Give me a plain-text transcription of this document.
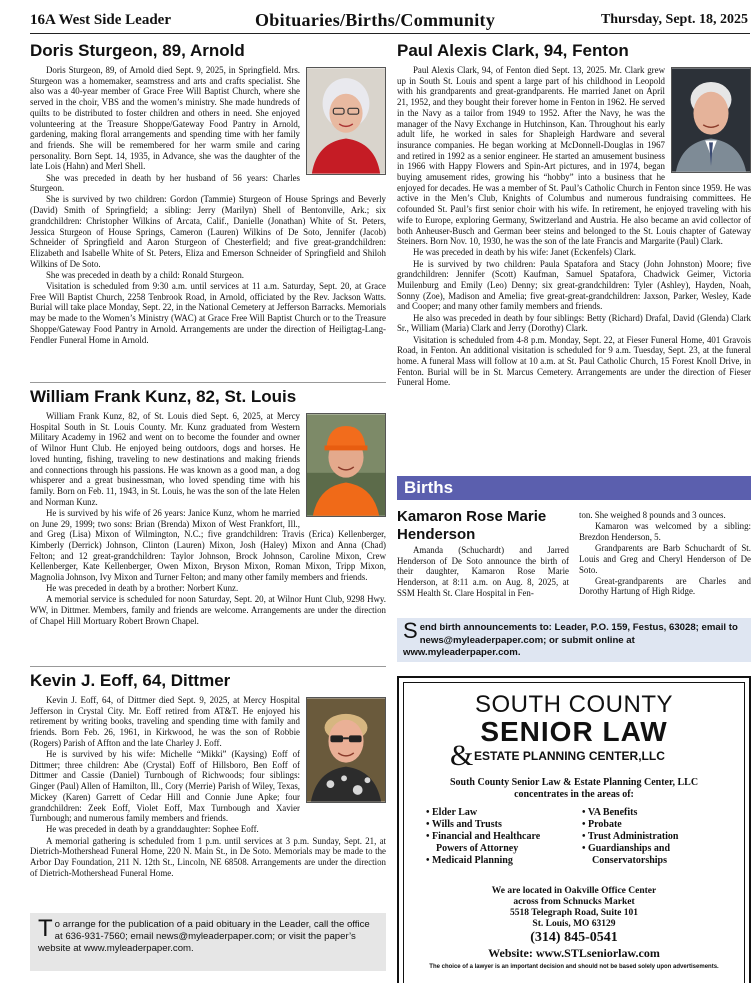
16A West Side Leader	Obituaries/Births/Community	Thursday, Sept. 18, 2025
Doris Sturgeon, 89, Arnold

Doris Sturgeon, 89, of Arnold died Sept. 9, 2025, in Springfield. Mrs. Sturgeon was a homemaker, seamstress and arts and crafts specialist. She also was a 40-year member of Grace Free Will Baptist Church, where she served in the choir, VBS and the women’s ministry. She made hundreds of quilts to be distributed to foster children and others in need. She enjoyed volunteering at the Treasure Shoppe/Gateway Food Pantry in Arnold, gardening, making floral arrangements and spending time with her family and friends. She will be remembered for her warm smile and caring personality. Born Sept. 14, 1935, in Advance, she was the daughter of the late Lois (Hahn) and Merl Shell.

She was preceded in death by her husband of 56 years: Charles Sturgeon.

She is survived by two children: Gordon (Tammie) Sturgeon of House Springs and Beverly (David) Smith of Springfield; a sibling: Jerry (Marilyn) Shell of Bentonville, Ark.; six grandchildren: Christopher Wilkins of Arcata, Calif., Danielle (Jonathan) White of St. Peters, Jessica Sturgeon of House Springs, Cameron (Lauren) Wilkins of De Soto, Jennifer (Jacob) Schneider of Springfield and Aaron Sturgeon of Chesterfield; and five great-grandchildren: Elizabeth and Isabelle White of St. Peters, Eliza and Emerson Schneider of Springfield and Shiloh Wilkins of De Soto.

She was preceded in death by a child: Ronald Sturgeon.

Visitation is scheduled from 9:30 a.m. until services at 11 a.m. Saturday, Sept. 20, at Grace Free Will Baptist Church, 2258 Tenbrook Road, in Arnold, officiated by the Rev. Jackson Watts. Burial will take place Monday, Sept. 22, in the National Cemetery at Jefferson Barracks. Memorials may be made to the Women’s Ministry (WAC) at Grace Free Will Baptist Church or to the Treasure Shoppe/Gateway Food Pantry in Arnold. Arrangements are under the direction of Heiligtag-Lang-Fendler Funeral Home in Arnold.

William Frank Kunz, 82, St. Louis

William Frank Kunz, 82, of St. Louis died Sept. 6, 2025, at Mercy Hospital South in St. Louis County. Mr. Kunz graduated from Western Military Academy in 1962 and went on to become the founder and owner of Wilnor Hunt Club. He enjoyed being outdoors, dogs and horses. He loved hunting, fishing, traveling to new destinations and making friends and connections through his passions. He was known as a good man, a dog whisperer and a great businessman, who loved spending time with his family. Born on Feb. 11, 1943, in St. Louis, he was the son of the late Helen and Norman Kunz.

He is survived by his wife of 26 years: Janice Kunz, whom he married on June 29, 1999; two sons: Brian (Brenda) Mixon of West Frankfort, Ill., and Greg (Lisa) Mixon of Wilmington, N.C.; five grandchildren: Travis (Erica) Kellenberger, Kimberly (Derrick) Johnson, Clinton (Lauren) Mixon, Josh (Haley) Mixon and Anna (Chad) Felton; and 12 great-grandchildren: Taylor Johnson, Brock Johnson, Caroline Mixon, Crew Kellenberger, Kate Kellenberger, Owen Mixon, Bryson Mixon, Roman Mixon, Tripp Mixon, Magnolia Johnson, Ivy Mixon and Turner Felton; and many other family members and friends.

He was preceded in death by a brother: Norbert Kunz.

A memorial service is scheduled for noon Saturday, Sept. 20, at Wilnor Hunt Club, 9298 Hwy. WW, in Dittmer. Members, family and friends are welcome. Arrangements are under the direction of Chapel Hill Mortuary Robert Brown Chapel.

Kevin J. Eoff, 64, Dittmer

Kevin J. Eoff, 64, of Dittmer died Sept. 9, 2025, at Mercy Hospital Jefferson in Crystal City. Mr. Eoff retired from AT&T. He enjoyed his retirement by writing books, traveling and spending time with family and friends. Born Feb. 26, 1961, in Kirkwood, he was the son of Robbie (Rogers) Parish of Affton and the late Charley J. Eoff.

He is survived by his wife: Michelle “Mikki” (Kaysing) Eoff of Dittmer; three children: Abe (Crystal) Eoff of Hillsboro, Ben Eoff of Dittmer and Cassie (Daniel) Turnbough of Richwoods; four siblings: Ginger (Paul) Allen of Hamilton, Ill., Cory (Merrie) Parish of Wiley, Texas, Mickey (Karen) Garrett of Cedar Hill and Connie June Apke; four grandchildren: Zeek Eoff, Violet Eoff, Max Turnbough and Xavier Turnbough; and numerous family members and friends.

He was preceded in death by a granddaughter: Sophee Eoff.

A memorial gathering is scheduled from 1 p.m. until services at 3 p.m. Sunday, Sept. 21, at Dietrich-Mothershead Funeral Home, 220 N. Main St., in De Soto. Memorials may be made to the Arbor Day Foundation, 211 N. 12th St., Lincoln, NE 68508. Arrangements are under the direction of Dietrich-Mothershead Funeral Home.

T o arrange for the publication of a paid obituary in the Leader, call the office at 636-931-7560; email news@myleaderpaper.com; or visit the paper’s website at www.myleaderpaper.com.
Paul Alexis Clark, 94, Fenton

Paul Alexis Clark, 94, of Fenton died Sept. 13, 2025. Mr. Clark grew up in South St. Louis and spent a large part of his childhood in Leopold with his grandparents and great-grandparents. He married Janet on April 21, 1952, and they bought their forever home in Fenton in 1962. He served in the Navy as a tailor from 1949 to 1952. After the Navy, he was the manager of the Navy Exchange in Hutchinson, Kan. Throughout his early adult life, he worked in sales for Shaplеigh Hardware and several insurance companies. He began working at McDonnell-Douglas in 1967 and retired in 1992 as a senior engineer. He started an amusement business in 1966 with Happy Flowers and Spin-Art pictures, and in 1974, began buying amusement rides, growing his “hobby” into a business that he enjoyed for decades. He was a member of St. Paul’s Catholic Church in Fenton since 1959. He was active in the Men’s Club, Knights of Columbus and numerous fundraising committees. He cofounded St. Paul’s first senior choir with his wife. In retirement, he enjoyed traveling with his wife to Europe, exploring Germany, Switzerland and Austria. He also became an avid collector of both Anheuser-Busch and German beer steins and belonged to the St. Louis chapter of Gateway Steiners. Born Nov. 10, 1930, he was the son of the late Francis and Margarite (Paul) Clark.

He was preceded in death by his wife: Janet (Eckenfels) Clark.

He is survived by two children: Paula Spatafora and Stacy (John Johnston) Moore; five grandchildren: Jennifer (Scott) Kaufman, Samuel Spatafora, Chadwick Geimer, Victoria Muilenburg and Emily (Leo) Denny; six great-grandchildren: Tyler (Ashley), Hayden, Noah, Sonny (Zoe), Madison and Amelia; five great-great-grandchildren: Jaxson, Parker, Wesley, Kade and Cooper; and many other family members and friends.

He also was preceded in death by four siblings: Betty (Richard) Drafal, David (Glenda) Clark Sr., William (Maria) Clark and Jerry (Dorothy) Clark.

Visitation is scheduled from 4-8 p.m. Monday, Sept. 22, at Fieser Funeral Home, 401 Gravois Road, in Fenton. An additional visitation is scheduled for 9 a.m. Tuesday, Sept. 23, at the funeral home. A funeral Mass will follow at 10 a.m. at St. Paul Catholic Church, 15 Forest Knoll Drive, in Fenton. Burial will be in St. Marcus Cemetery. Arrangements are under the direction of Fieser Funeral Home.

Births
Kamaron Rose Marie Henderson

Amanda (Schuchardt) and Jarred Henderson of De Soto announce the birth of their daughter, Kamaron Rose Marie Henderson, at 8:11 a.m. on Aug. 8, 2025, at SSM Health St. Clare Hospital in Fen-

ton. She weighed 8 pounds and 3 ounces.

Kamaron was welcomed by a sibling: Brezdon Henderson, 5.

Grandparents are Barb Schuchardt of St. Louis and Greg and Cheryl Henderson of De Soto.

Great-grandparents are Charles and Dorothy Hartung of High Ridge.

S end birth announcements to: Leader, P.O. 159, Festus, 63028; email to news@myleaderpaper.com; or submit online at www.myleaderpaper.com.
SOUTH COUNTY
SENIOR LAW
& ESTATE PLANNING CENTER,LLC
South County Senior Law & Estate Planning Center, LLC
concentrates in the areas of:
• Elder Law
• Wills and Trusts
• Financial and Healthcare
Powers of Attorney
• Medicaid Planning
• VA Benefits
• Probate
• Trust Administration
• Guardianships and
Conservatorships
We are located in Oakville Office Center
across from Schnucks Market
5518 Telegraph Road, Suite 101
St. Louis, MO 63129
(314) 845-0541
Website: www.STLseniorlaw.com
The choice of a lawyer is an important decision and should not be based solely upon advertisements.
